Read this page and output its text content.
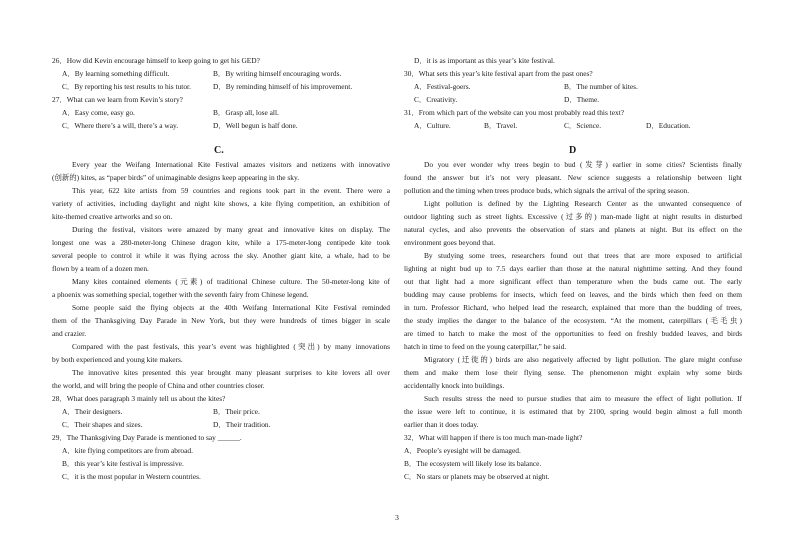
26．How did Kevin encourage himself to keep going to get his GED?
A．By learning something difficult.	B．By writing himself encouraging words.
C．By reporting his test results to his tutor.	D．By reminding himself of his improvement.
27．What can we learn from Kevin’s story?
A．Easy come, easy go.	B．Grasp all, lose all.
C．Where there’s a will, there’s a way.	D．Well begun is half done.
C.
Every year the Weifang International Kite Festival amazes visitors and netizens with innovative
(创新的) kites, as “paper birds” of unimaginable designs keep appearing in the sky.
This year, 622 kite artists from 59 countries and regions took part in the event. There were a
variety of activities, including daylight and night kite shows, a kite flying competition, an exhibition of
kite-themed creative artworks and so on.
During the festival, visitors were amazed by many great and innovative kites on display. The
longest one was a 280-meter-long Chinese dragon kite, while a 175-meter-long centipede kite took
several people to control it while it was flying across the sky. Another giant kite, a whale, had to be
flown by a team of a dozen men.
Many kites contained elements (元素) of traditional Chinese culture. The 50-meter-long kite of
a phoenix was something special, together with the seventh fairy from Chinese legend.
Some people said the flying objects at the 40th Weifang International Kite Festival reminded
them of the Thanksgiving Day Parade in New York, but they were hundreds of times bigger in scale
and crazier.
Compared with the past festivals, this year’s event was highlighted (突出) by many innovations
by both experienced and young kite makers.
The innovative kites presented this year brought many pleasant surprises to kite lovers all over
the world, and will bring the people of China and other countries closer.
28．What does paragraph 3 mainly tell us about the kites?
A．Their designers.	B．Their price.
C．Their shapes and sizes.	D．Their tradition.
29．The Thanksgiving Day Parade is mentioned to say ______.
A．kite flying competitors are from abroad.
B．this year’s kite festival is impressive.
C．it is the most popular in Western countries.
D．it is as important as this year’s kite festival.
30．What sets this year’s kite festival apart from the past ones?
A．Festival-goers.	B．The number of kites.
C．Creativity.	D．Theme.
31．From which part of the website can you most probably read this text?
A．Culture.	B．Travel.	C．Science.	D．Education.
D
Do you ever wonder why trees begin to bud (发芽) earlier in some cities? Scientists finally
found the answer but it’s not very pleasant. New science suggests a relationship between light
pollution and the timing when trees produce buds, which signals the arrival of the spring season.
Light pollution is defined by the Lighting Research Center as the unwanted consequence of
outdoor lighting such as street lights. Excessive (过多的) man-made light at night results in disturbed
natural cycles, and also prevents the observation of stars and planets at night. But its effect on the
environment goes beyond that.
By studying some trees, researchers found out that trees that are more exposed to artificial
lighting at night bud up to 7.5 days earlier than those at the natural nighttime setting. And they found
out that light had a more significant effect than temperature when the buds came out. The early
budding may cause problems for insects, which feed on leaves, and the birds which then feed on them
in turn. Professor Richard, who helped lead the research, explained that more than the budding of trees,
the study implies the danger to the balance of the ecosystem. “At the moment, caterpillars (毛毛虫)
are timed to hatch to make the most of the opportunities to feed on freshly budded leaves, and birds
hatch in time to feed on the young caterpillar,” he said.
Migratory (迁徙的) birds are also negatively affected by light pollution. The glare might confuse
them and make them lose their flying sense. The phenomenon might explain why some birds
accidentally knock into buildings.
Such results stress the need to pursue studies that aim to measure the effect of light pollution. If
the issue were left to continue, it is estimated that by 2100, spring would begin almost a full month
earlier than it does today.
32．What will happen if there is too much man-made light?
A．People’s eyesight will be damaged.
B．The ecosystem will likely lose its balance.
C．No stars or planets may be observed at night.
3
